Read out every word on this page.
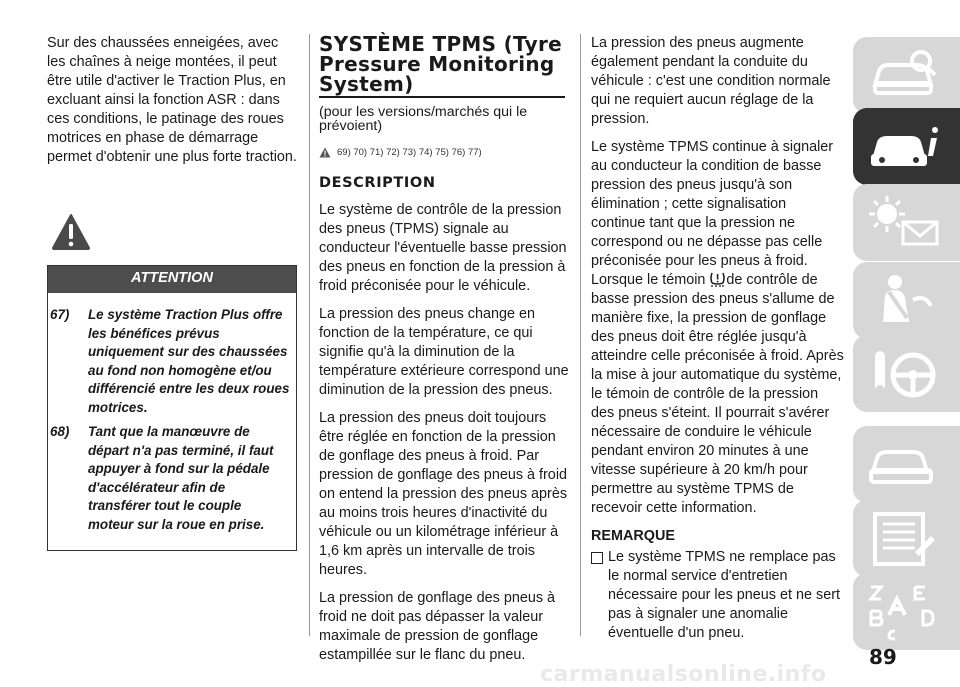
Sur des chaussées enneigées, avec les chaînes à neige montées, il peut être utile d'activer le Traction Plus, en excluant ainsi la fonction ASR : dans ces conditions, le patinage des roues motrices en phase de démarrage permet d'obtenir une plus forte traction.

ATTENTION
67) Le système Traction Plus offre les bénéfices prévus uniquement sur des chaussées au fond non homogène et/ou différencié entre les deux roues motrices.
68) Tant que la manœuvre de départ n'a pas terminé, il faut appuyer à fond sur la pédale d'accélérateur afin de transférer tout le couple moteur sur la roue en prise.
SYSTÈME TPMS (Tyre Pressure Monitoring System)
(pour les versions/marchés qui le prévoient)
69) 70) 71) 72) 73) 74) 75) 76) 77)
DESCRIPTION

Le système de contrôle de la pression des pneus (TPMS) signale au conducteur l'éventuelle basse pression des pneus en fonction de la pression à froid préconisée pour le véhicule.

La pression des pneus change en fonction de la température, ce qui signifie qu'à la diminution de la température extérieure correspond une diminution de la pression des pneus.

La pression des pneus doit toujours être réglée en fonction de la pression de gonflage des pneus à froid. Par pression de gonflage des pneus à froid on entend la pression des pneus après au moins trois heures d'inactivité du véhicule ou un kilométrage inférieur à 1,6 km après un intervalle de trois heures.

La pression de gonflage des pneus à froid ne doit pas dépasser la valeur maximale de pression de gonflage estampillée sur le flanc du pneu.

La pression des pneus augmente également pendant la conduite du véhicule : c'est une condition normale qui ne requiert aucun réglage de la pression.

Le système TPMS continue à signaler au conducteur la condition de basse pression des pneus jusqu'à son élimination ; cette signalisation continue tant que la pression ne correspond ou ne dépasse pas celle préconisée pour les pneus à froid. Lorsque le témoin de contrôle de basse pression des pneus s'allume de manière fixe, la pression de gonflage des pneus doit être réglée jusqu'à atteindre celle préconisée à froid. Après la mise à jour automatique du système, le témoin de contrôle de la pression des pneus s'éteint. Il pourrait s'avérer nécessaire de conduire le véhicule pendant environ 20 minutes à une vitesse supérieure à 20 km/h pour permettre au système TPMS de recevoir cette information.

REMARQUE
Le système TPMS ne remplace pas le normal service d'entretien nécessaire pour les pneus et ne sert pas à signaler une anomalie éventuelle d'un pneu.
89
carmanualsonline.info
